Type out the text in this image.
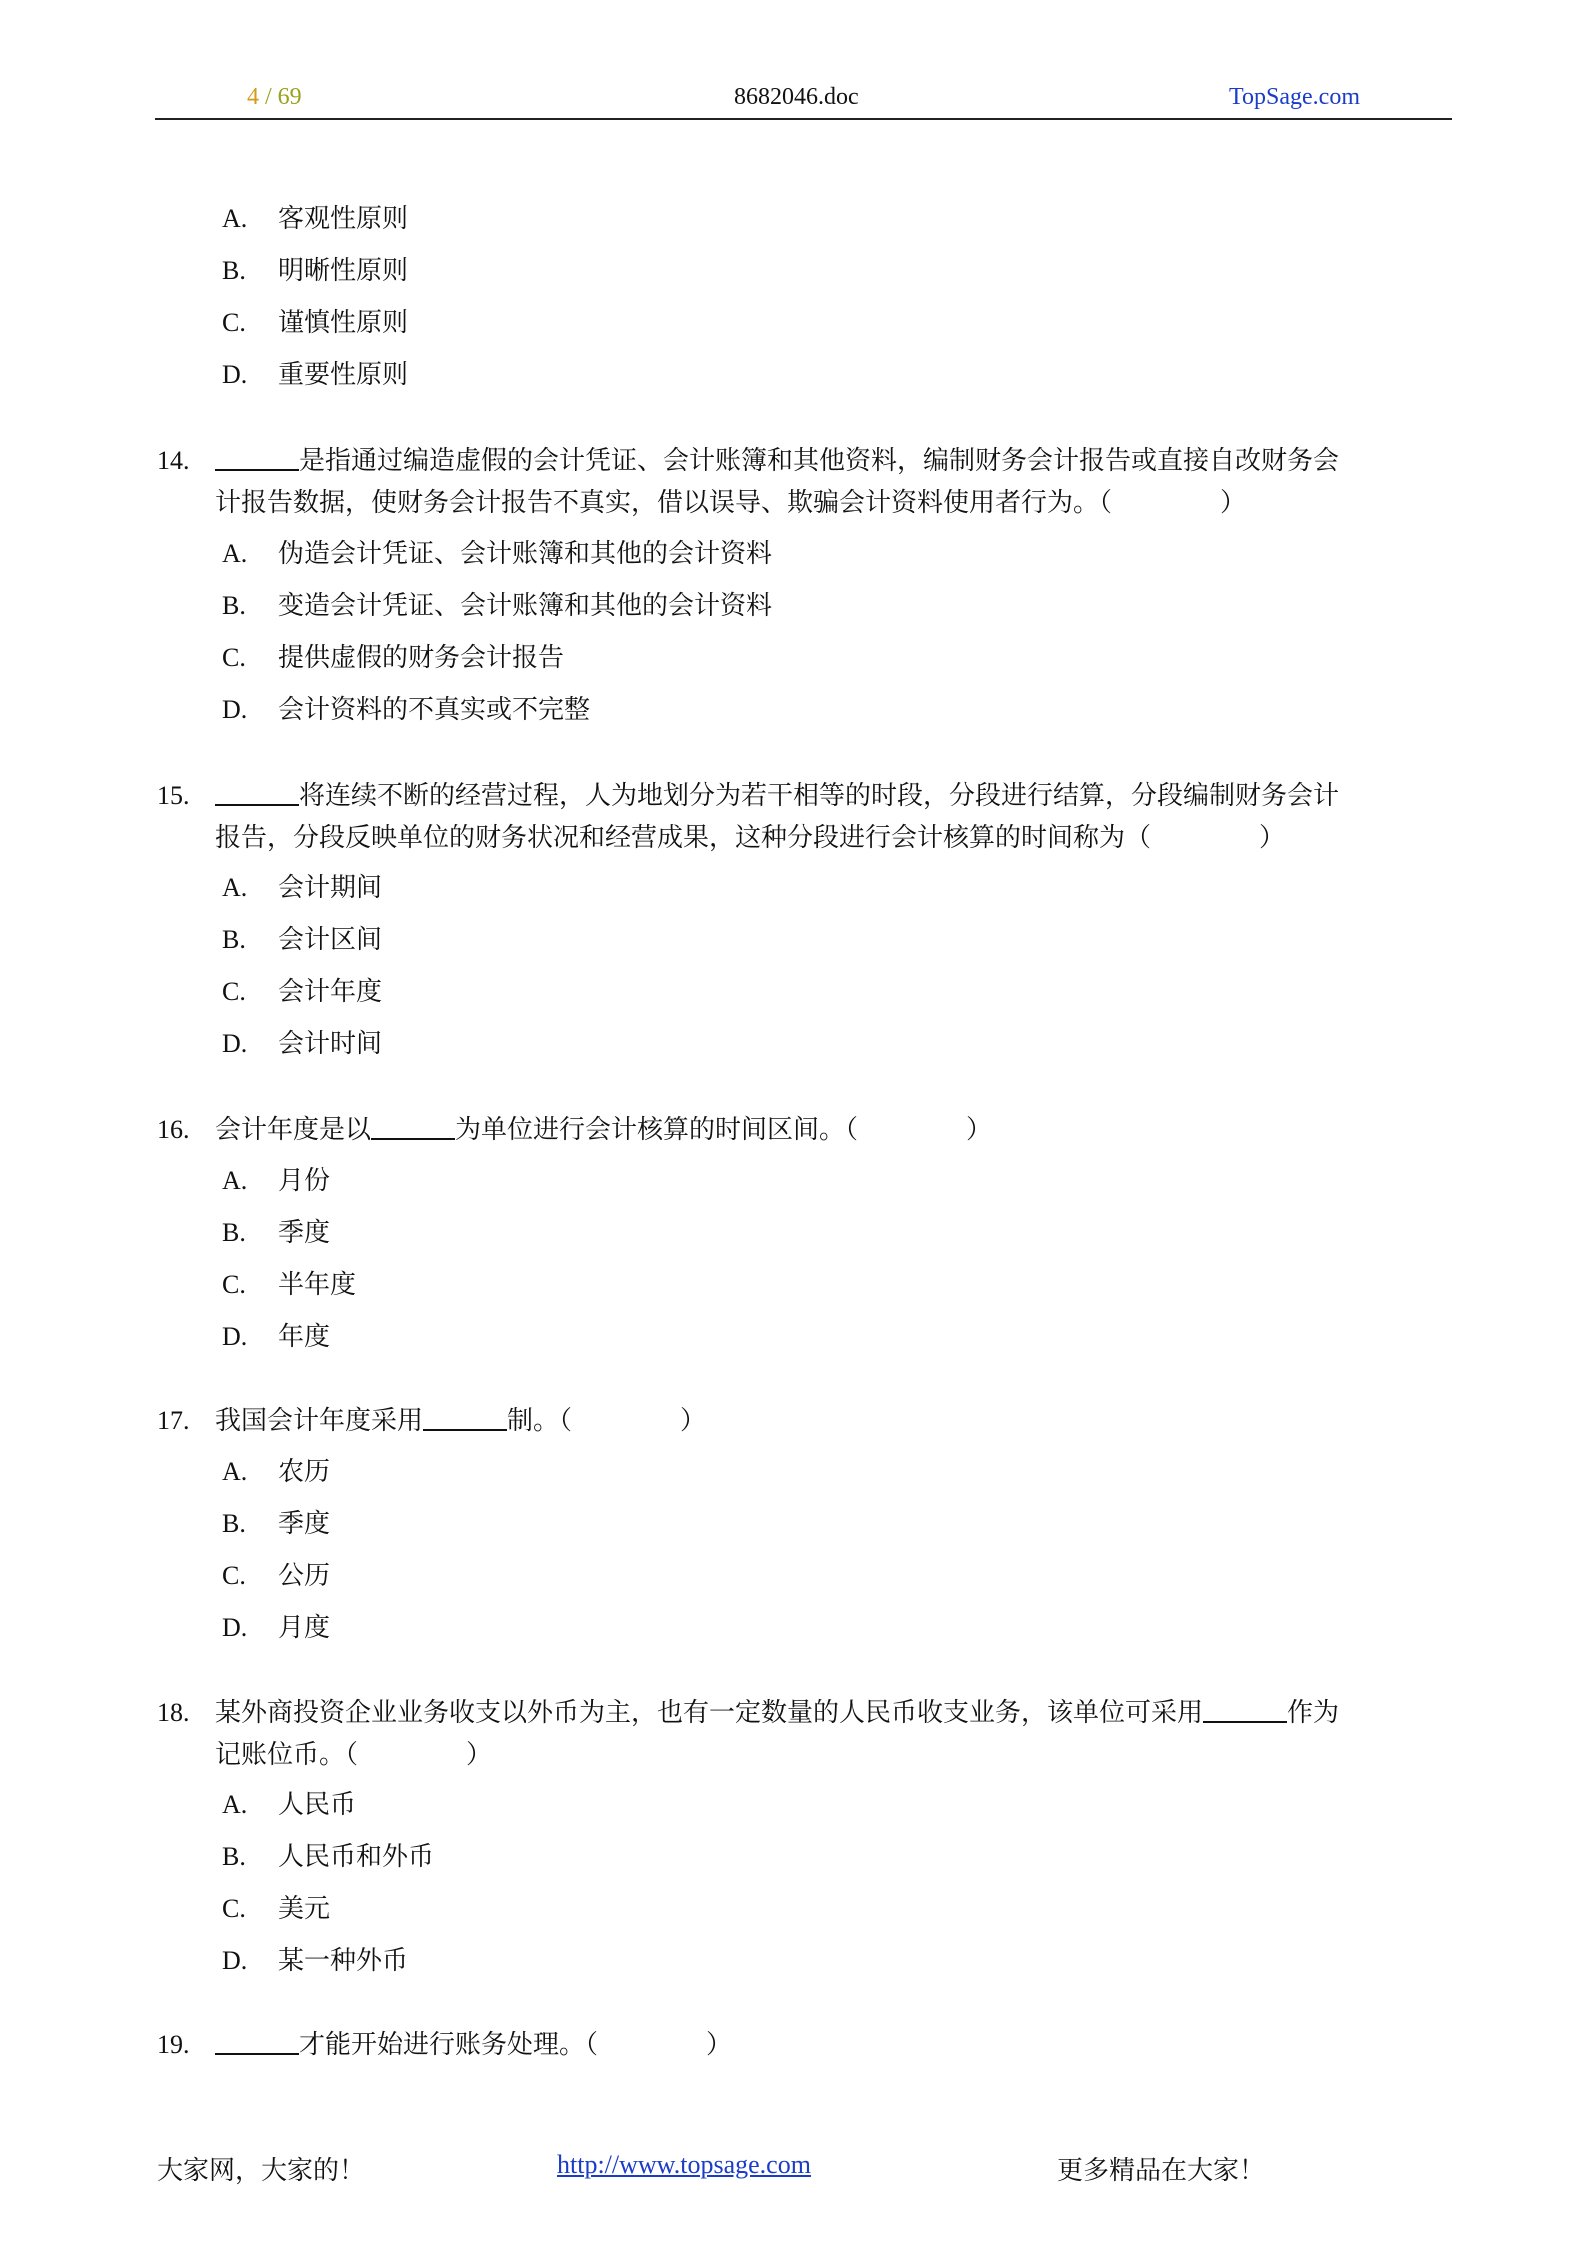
4 / 69	8682046.doc	TopSage.com
A. 客观性原则
B. 明晰性原则
C. 谨慎性原则
D. 重要性原则
14.	是指通过编造虚假的会计凭证、会计账簿和其他资料，编制财务会计报告或直接自改财务会
计报告数据，使财务会计报告不真实，借以误导、欺骗会计资料使用者行为。（	）
A. 伪造会计凭证、会计账簿和其他的会计资料
B. 变造会计凭证、会计账簿和其他的会计资料
C. 提供虚假的财务会计报告
D. 会计资料的不真实或不完整
15.	将连续不断的经营过程，人为地划分为若干相等的时段，分段进行结算，分段编制财务会计
报告，分段反映单位的财务状况和经营成果，这种分段进行会计核算的时间称为（	）
A. 会计期间
B. 会计区间
C. 会计年度
D. 会计时间
16. 会计年度是以	为单位进行会计核算的时间区间。（	）
A. 月份
B. 季度
C. 半年度
D. 年度
17. 我国会计年度采用	制。（	）
A. 农历
B. 季度
C. 公历
D. 月度
18. 某外商投资企业业务收支以外币为主，也有一定数量的人民币收支业务，该单位可采用	作为
记账位币。（	）
A. 人民币
B. 人民币和外币
C. 美元
D. 某一种外币
19.	才能开始进行账务处理。（	）
大家网，大家的！	http://www.topsage.com	更多精品在大家！
